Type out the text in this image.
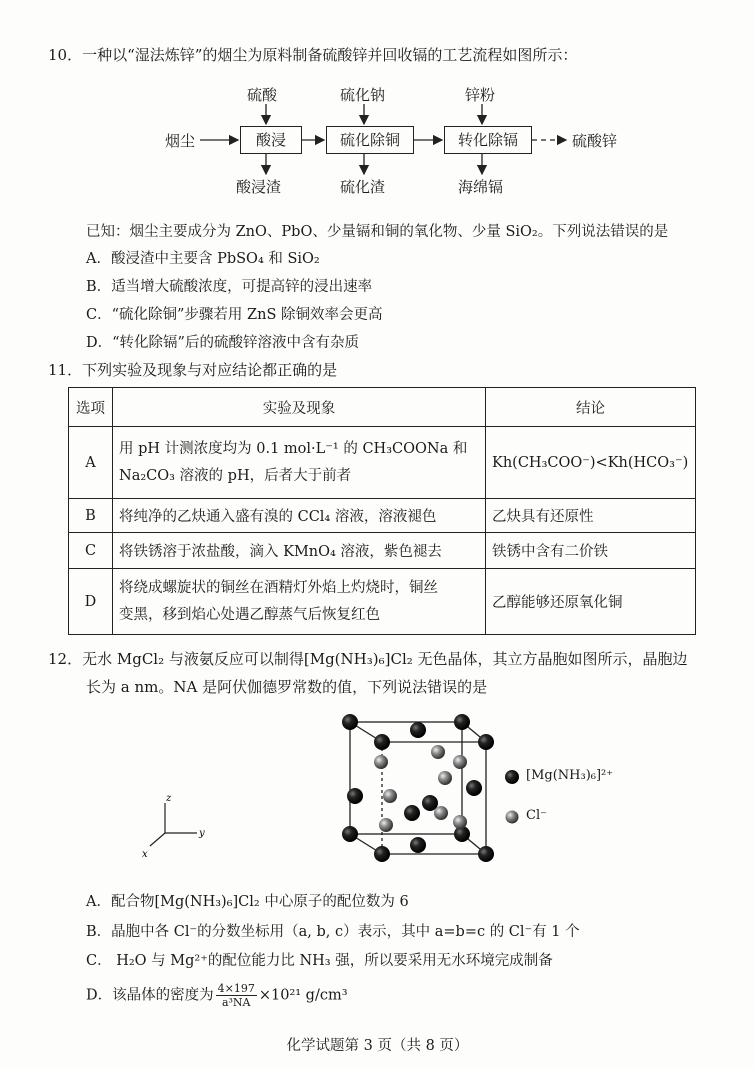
10．一种以“湿法炼锌”的烟尘为原料制备硫酸锌并回收镉的工艺流程如图所示：
硫酸	硫化钠	锌粉
烟尘	酸浸	硫化除铜	转化除镉	硫酸锌
酸浸渣	硫化渣	海绵镉
已知：烟尘主要成分为 ZnO、PbO、少量镉和铜的氧化物、少量 SiO₂。下列说法错误的是
A．酸浸渣中主要含 PbSO₄ 和 SiO₂
B．适当增大硫酸浓度，可提高锌的浸出速率
C．“硫化除铜”步骤若用 ZnS 除铜效率会更高
D．“转化除镉”后的硫酸锌溶液中含有杂质
11．下列实验及现象与对应结论都正确的是
选项	实验及现象	结论
A	用 pH 计测浓度均为 0.1 mol·L⁻¹ 的 CH₃COONa 和
Na₂CO₃ 溶液的 pH，后者大于前者	Kh(CH₃COO⁻)<Kh(HCO₃⁻)
B	将纯净的乙炔通入盛有溴的 CCl₄ 溶液，溶液褪色	乙炔具有还原性
C	将铁锈溶于浓盐酸，滴入 KMnO₄ 溶液，紫色褪去	铁锈中含有二价铁
D	将绕成螺旋状的铜丝在酒精灯外焰上灼烧时，铜丝
变黑，移到焰心处遇乙醇蒸气后恢复红色	乙醇能够还原氧化铜
12．无水 MgCl₂ 与液氨反应可以制得[Mg(NH₃)₆]Cl₂ 无色晶体，其立方晶胞如图所示，晶胞边
长为 a nm。NA 是阿伏伽德罗常数的值，下列说法错误的是
z
y
x
[Mg(NH₃)₆]²⁺
Cl⁻
A．配合物[Mg(NH₃)₆]Cl₂ 中心原子的配位数为 6
B．晶胞中各 Cl⁻的分数坐标用（a, b, c）表示，其中 a=b=c 的 Cl⁻有 1 个
C． H₂O 与 Mg²⁺的配位能力比 NH₃ 强，所以要采用无水环境完成制备
D．该晶体的密度为 $\frac{4\times 197}{\text{a³NA}} \times 10^{21}$ g/cm³
化学试题第 3 页（共 8 页）
